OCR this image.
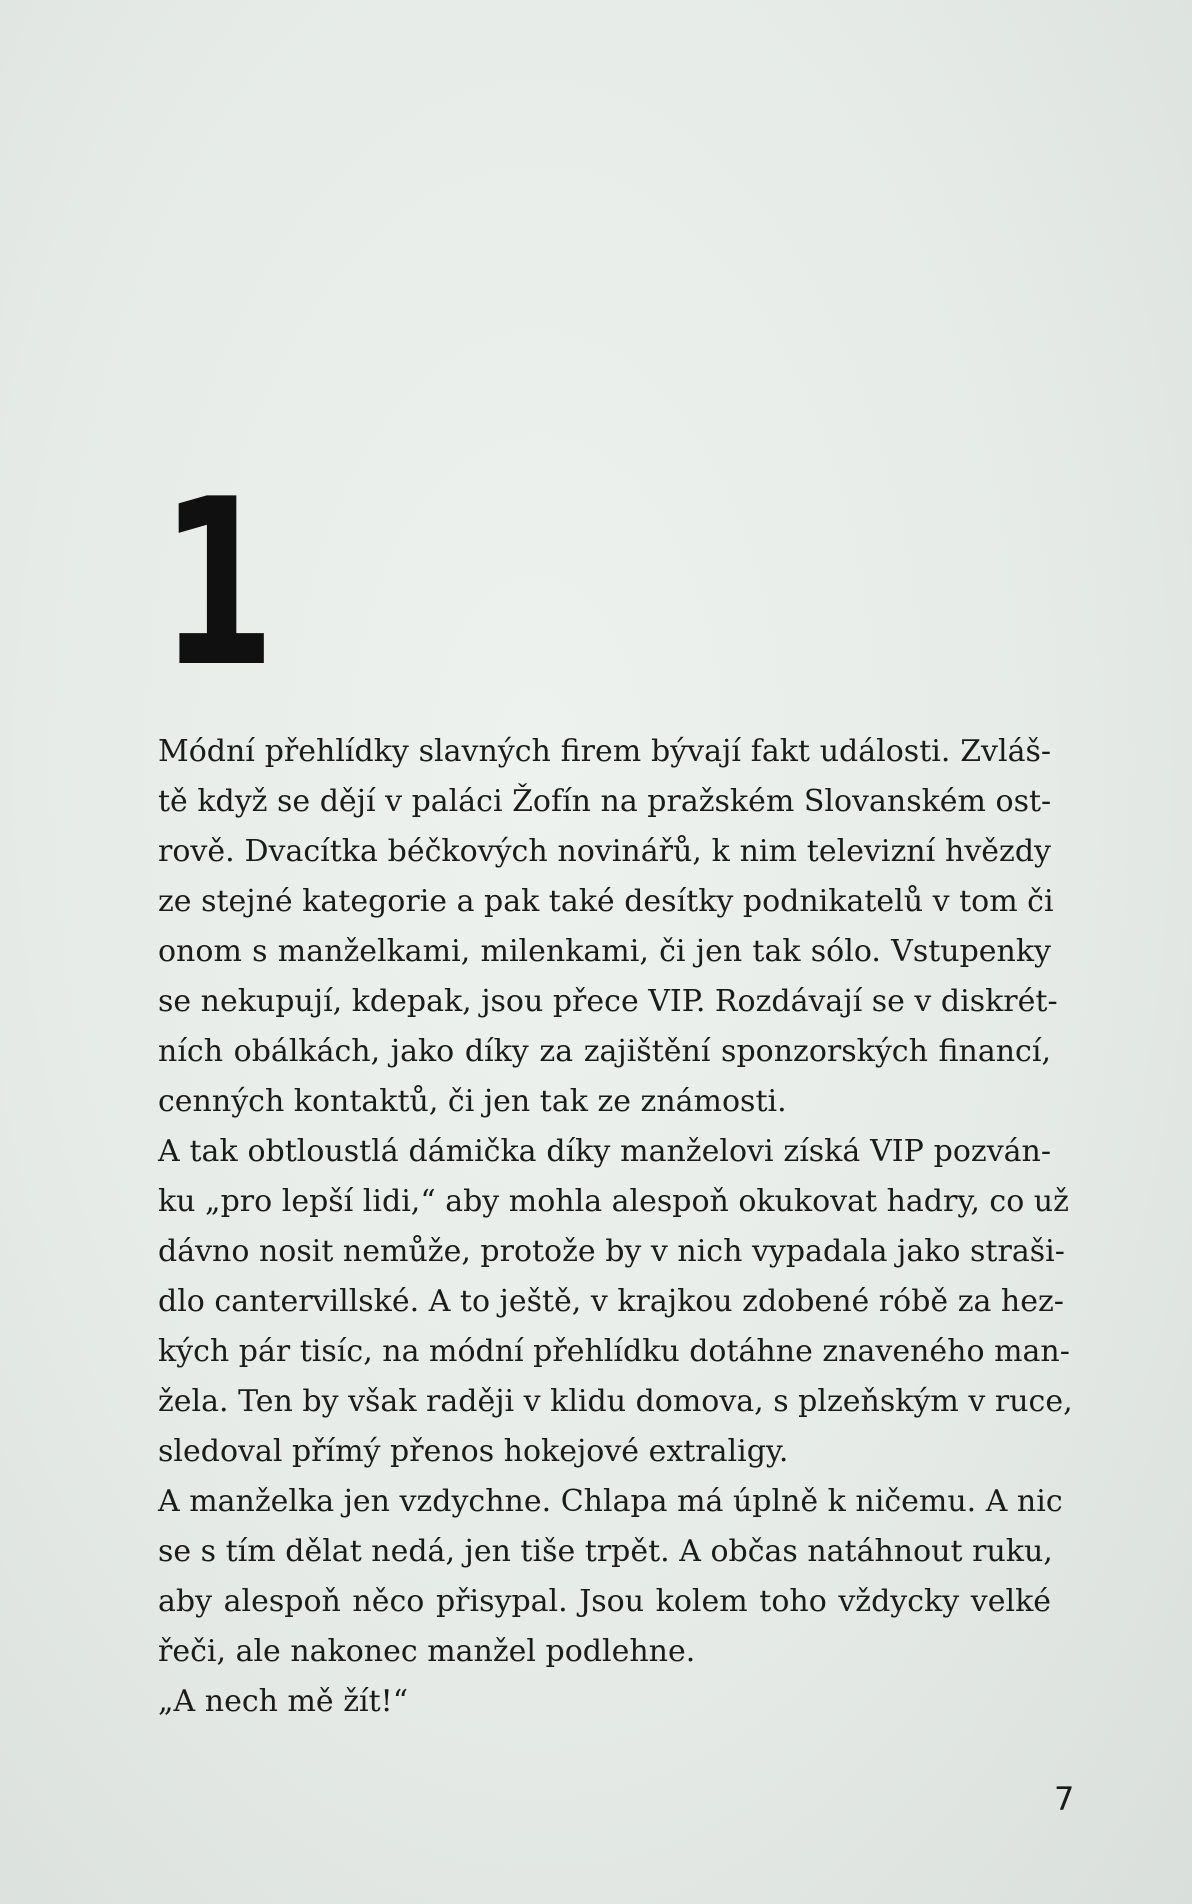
1
Módní přehlídky slavných firem bývají fakt události. Zvláš-
tě když se dějí v paláci Žofín na pražském Slovanském ost-
rově. Dvacítka béčkových novinářů, k nim televizní hvězdy
ze stejné kategorie a pak také desítky podnikatelů v tom či
onom s manželkami, milenkami, či jen tak sólo. Vstupenky
se nekupují, kdepak, jsou přece VIP. Rozdávají se v diskrét-
ních obálkách, jako díky za zajištění sponzorských financí,
cenných kontaktů, či jen tak ze známosti.
A tak obtloustlá dámička díky manželovi získá VIP pozván-
ku „pro lepší lidi,“ aby mohla alespoň okukovat hadry, co už
dávno nosit nemůže, protože by v nich vypadala jako straši-
dlo cantervillské. A to ještě, v krajkou zdobené róbě za hez-
kých pár tisíc, na módní přehlídku dotáhne znaveného man-
žela. Ten by však raději v klidu domova, s plzeňským v ruce,
sledoval přímý přenos hokejové extraligy.
A manželka jen vzdychne. Chlapa má úplně k ničemu. A nic
se s tím dělat nedá, jen tiše trpět. A občas natáhnout ruku,
aby alespoň něco přisypal. Jsou kolem toho vždycky velké
řeči, ale nakonec manžel podlehne.
„A nech mě žít!“
7
